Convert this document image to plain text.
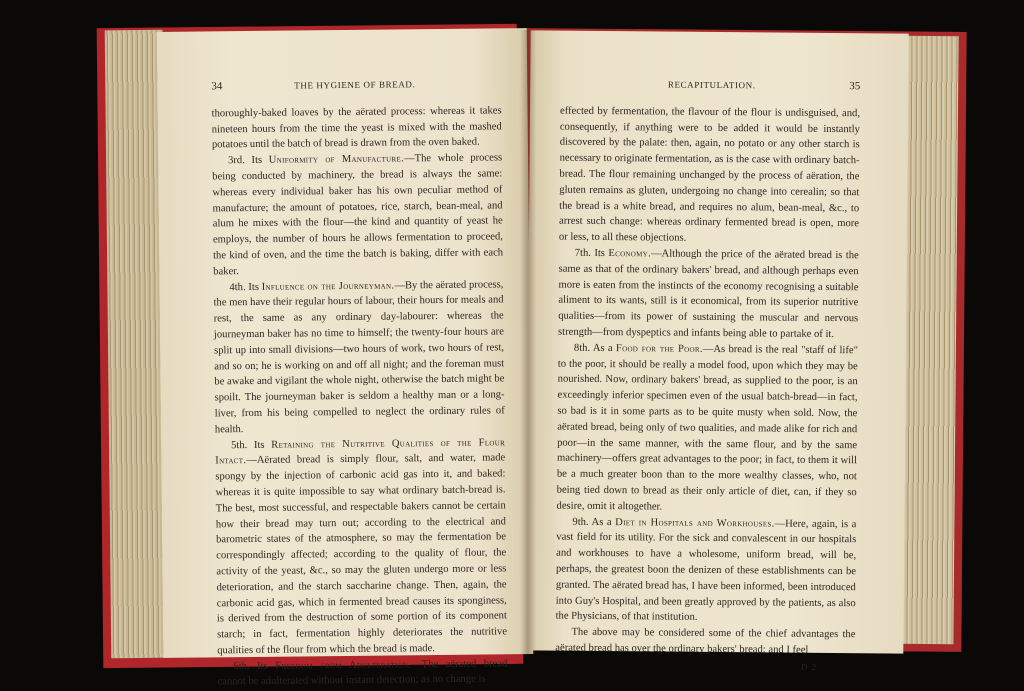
34	THE HYGIENE OF BREAD.

thoroughly-baked loaves by the aërated process: whereas it takes nineteen hours from the time the yeast is mixed with the mashed potatoes until the batch of bread is drawn from the oven baked.

3rd. Its Uniformity of Manufacture.—The whole process being conducted by machinery, the bread is always the same: whereas every individual baker has his own peculiar method of manufacture; the amount of potatoes, rice, starch, bean-meal, and alum he mixes with the flour—the kind and quantity of yeast he employs, the number of hours he allows fermentation to proceed, the kind of oven, and the time the batch is baking, differ with each baker.

4th. Its Influence on the Journeyman.—By the aërated process, the men have their regular hours of labour, their hours for meals and rest, the same as any ordinary day-labourer: whereas the journeyman baker has no time to himself; the twenty-four hours are split up into small divisions—two hours of work, two hours of rest, and so on; he is working on and off all night; and the foreman must be awake and vigilant the whole night, otherwise the batch might be spoilt. The journeyman baker is seldom a healthy man or a long-liver, from his being compelled to neglect the ordinary rules of health.

5th. Its Retaining the Nutritive Qualities of the Flour Intact.—Aërated bread is simply flour, salt, and water, made spongy by the injection of carbonic acid gas into it, and baked: whereas it is quite impossible to say what ordinary batch-bread is. The best, most successful, and respectable bakers cannot be certain how their bread may turn out; according to the electrical and barometric states of the atmosphere, so may the fermentation be correspondingly affected; according to the quality of flour, the activity of the yeast, &c., so may the gluten undergo more or less deterioration, and the starch saccharine change. Then, again, the carbonic acid gas, which in fermented bread causes its sponginess, is derived from the destruction of some portion of its component starch; in fact, fermentation highly deteriorates the nutritive qualities of the flour from which the bread is made.

6th. Its Freedom from Adulteration.—The aërated bread cannot be adulterated without instant detection; as no change is

RECAPITULATION.	35

effected by fermentation, the flavour of the flour is undisguised, and, consequently, if anything were to be added it would be instantly discovered by the palate: then, again, no potato or any other starch is necessary to originate fermentation, as is the case with ordinary batch-bread. The flour remaining unchanged by the process of aëration, the gluten remains as gluten, undergoing no change into cerealin; so that the bread is a white bread, and requires no alum, bean-meal, &c., to arrest such change: whereas ordinary fermented bread is open, more or less, to all these objections.

7th. Its Economy.—Although the price of the aërated bread is the same as that of the ordinary bakers' bread, and although perhaps even more is eaten from the instincts of the economy recognising a suitable aliment to its wants, still is it economical, from its superior nutritive qualities—from its power of sustaining the muscular and nervous strength—from dyspeptics and infants being able to partake of it.

8th. As a Food for the Poor.—As bread is the real "staff of life" to the poor, it should be really a model food, upon which they may be nourished. Now, ordinary bakers' bread, as supplied to the poor, is an exceedingly inferior specimen even of the usual batch-bread—in fact, so bad is it in some parts as to be quite musty when sold. Now, the aërated bread, being only of two qualities, and made alike for rich and poor—in the same manner, with the same flour, and by the same machinery—offers great advantages to the poor; in fact, to them it will be a much greater boon than to the more wealthy classes, who, not being tied down to bread as their only article of diet, can, if they so desire, omit it altogether.

9th. As a Diet in Hospitals and Workhouses.—Here, again, is a vast field for its utility. For the sick and convalescent in our hospitals and workhouses to have a wholesome, uniform bread, will be, perhaps, the greatest boon the denizen of these establishments can be granted. The aërated bread has, I have been informed, been introduced into Guy's Hospital, and been greatly approved by the patients, as also the Physicians, of that institution.

The above may be considered some of the chief advantages the aërated bread has over the ordinary bakers' bread; and I feel

D 2
